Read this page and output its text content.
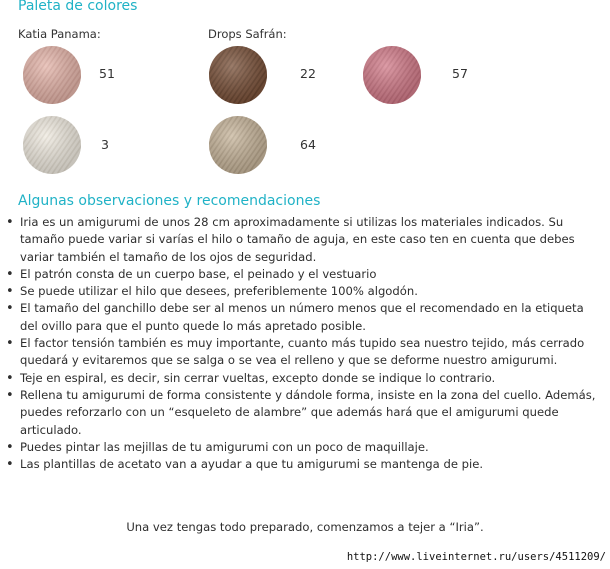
Paleta de colores
Katia Panama:	Drops Safrán:
51	22	57
3	64
Algunas observaciones y recomendaciones
• Iria es un amigurumi de unos 28 cm aproximadamente si utilizas los materiales indicados. Su tamaño puede variar si varías el hilo o tamaño de aguja, en este caso ten en cuenta que debes variar también el tamaño de los ojos de seguridad.
• El patrón consta de un cuerpo base, el peinado y el vestuario
• Se puede utilizar el hilo que desees, preferiblemente 100% algodón.
• El tamaño del ganchillo debe ser al menos un número menos que el recomendado en la etiqueta del ovillo para que el punto quede lo más apretado posible.
• El factor tensión también es muy importante, cuanto más tupido sea nuestro tejido, más cerrado quedará y evitaremos que se salga o se vea el relleno y que se deforme nuestro amigurumi.
• Teje en espiral, es decir, sin cerrar vueltas, excepto donde se indique lo contrario.
• Rellena tu amigurumi de forma consistente y dándole forma, insiste en la zona del cuello. Además, puedes reforzarlo con un “esqueleto de alambre” que además hará que el amigurumi quede articulado.
• Puedes pintar las mejillas de tu amigurumi con un poco de maquillaje.
• Las plantillas de acetato van a ayudar a que tu amigurumi se mantenga de pie.
Una vez tengas todo preparado, comenzamos a tejer a “Iria”.
http://www.liveinternet.ru/users/4511209/
